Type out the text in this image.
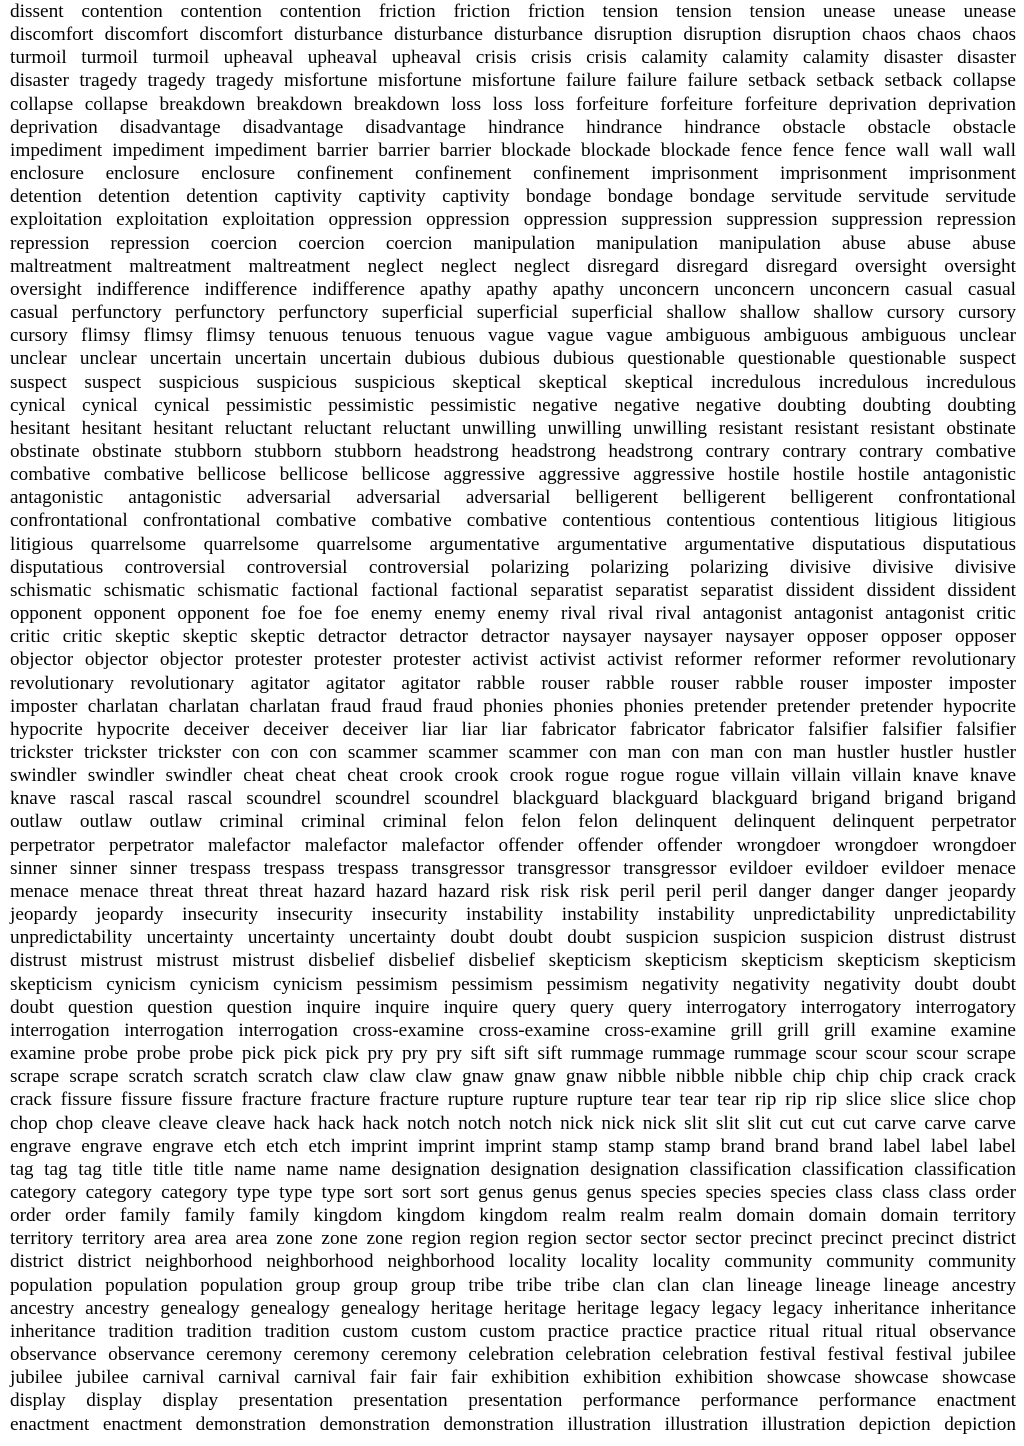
dissent contention contention contention friction friction friction tension tension tension unease unease unease
discomfort discomfort discomfort disturbance disturbance disturbance disruption disruption disruption chaos chaos chaos
turmoil turmoil turmoil upheaval upheaval upheaval crisis crisis crisis calamity calamity calamity disaster disaster
disaster tragedy tragedy tragedy misfortune misfortune misfortune failure failure failure setback setback setback collapse
collapse collapse breakdown breakdown breakdown loss loss loss forfeiture forfeiture forfeiture deprivation deprivation
deprivation disadvantage disadvantage disadvantage hindrance hindrance hindrance obstacle obstacle obstacle
impediment impediment impediment barrier barrier barrier blockade blockade blockade fence fence fence wall wall wall
enclosure enclosure enclosure confinement confinement confinement imprisonment imprisonment imprisonment
detention detention detention captivity captivity captivity bondage bondage bondage servitude servitude servitude
exploitation exploitation exploitation oppression oppression oppression suppression suppression suppression repression
repression repression coercion coercion coercion manipulation manipulation manipulation abuse abuse abuse
maltreatment maltreatment maltreatment neglect neglect neglect disregard disregard disregard oversight oversight
oversight indifference indifference indifference apathy apathy apathy unconcern unconcern unconcern casual casual
casual perfunctory perfunctory perfunctory superficial superficial superficial shallow shallow shallow cursory cursory
cursory flimsy flimsy flimsy tenuous tenuous tenuous vague vague vague ambiguous ambiguous ambiguous unclear
unclear unclear uncertain uncertain uncertain dubious dubious dubious questionable questionable questionable suspect
suspect suspect suspicious suspicious suspicious skeptical skeptical skeptical incredulous incredulous incredulous
cynical cynical cynical pessimistic pessimistic pessimistic negative negative negative doubting doubting doubting
hesitant hesitant hesitant reluctant reluctant reluctant unwilling unwilling unwilling resistant resistant resistant obstinate
obstinate obstinate stubborn stubborn stubborn headstrong headstrong headstrong contrary contrary contrary combative
combative combative bellicose bellicose bellicose aggressive aggressive aggressive hostile hostile hostile antagonistic
antagonistic antagonistic adversarial adversarial adversarial belligerent belligerent belligerent confrontational
confrontational confrontational combative combative combative contentious contentious contentious litigious litigious
litigious quarrelsome quarrelsome quarrelsome argumentative argumentative argumentative disputatious disputatious
disputatious controversial controversial controversial polarizing polarizing polarizing divisive divisive divisive
schismatic schismatic schismatic factional factional factional separatist separatist separatist dissident dissident dissident
opponent opponent opponent foe foe foe enemy enemy enemy rival rival rival antagonist antagonist antagonist critic
critic critic skeptic skeptic skeptic detractor detractor detractor naysayer naysayer naysayer opposer opposer opposer
objector objector objector protester protester protester activist activist activist reformer reformer reformer revolutionary
revolutionary revolutionary agitator agitator agitator rabble rouser rabble rouser rabble rouser imposter imposter
imposter charlatan charlatan charlatan fraud fraud fraud phonies phonies phonies pretender pretender pretender hypocrite
hypocrite hypocrite deceiver deceiver deceiver liar liar liar fabricator fabricator fabricator falsifier falsifier falsifier
trickster trickster trickster con con con scammer scammer scammer con man con man con man hustler hustler hustler
swindler swindler swindler cheat cheat cheat crook crook crook rogue rogue rogue villain villain villain knave knave
knave rascal rascal rascal scoundrel scoundrel scoundrel blackguard blackguard blackguard brigand brigand brigand
outlaw outlaw outlaw criminal criminal criminal felon felon felon delinquent delinquent delinquent perpetrator
perpetrator perpetrator malefactor malefactor malefactor offender offender offender wrongdoer wrongdoer wrongdoer
sinner sinner sinner trespass trespass trespass transgressor transgressor transgressor evildoer evildoer evildoer menace
menace menace threat threat threat hazard hazard hazard risk risk risk peril peril peril danger danger danger jeopardy
jeopardy jeopardy insecurity insecurity insecurity instability instability instability unpredictability unpredictability
unpredictability uncertainty uncertainty uncertainty doubt doubt doubt suspicion suspicion suspicion distrust distrust
distrust mistrust mistrust mistrust disbelief disbelief disbelief skepticism skepticism skepticism skepticism skepticism
skepticism cynicism cynicism cynicism pessimism pessimism pessimism negativity negativity negativity doubt doubt
doubt question question question inquire inquire inquire query query query interrogatory interrogatory interrogatory
interrogation interrogation interrogation cross-examine cross-examine cross-examine grill grill grill examine examine
examine probe probe probe pick pick pick pry pry pry sift sift sift rummage rummage rummage scour scour scour scrape
scrape scrape scratch scratch scratch claw claw claw gnaw gnaw gnaw nibble nibble nibble chip chip chip crack crack
crack fissure fissure fissure fracture fracture fracture rupture rupture rupture tear tear tear rip rip rip slice slice slice chop
chop chop cleave cleave cleave hack hack hack notch notch notch nick nick nick slit slit slit cut cut cut carve carve carve
engrave engrave engrave etch etch etch imprint imprint imprint stamp stamp stamp brand brand brand label label label
tag tag tag title title title name name name designation designation designation classification classification classification
category category category type type type sort sort sort genus genus genus species species species class class class order
order order family family family kingdom kingdom kingdom realm realm realm domain domain domain territory
territory territory area area area zone zone zone region region region sector sector sector precinct precinct precinct district
district district neighborhood neighborhood neighborhood locality locality locality community community community
population population population group group group tribe tribe tribe clan clan clan lineage lineage lineage ancestry
ancestry ancestry genealogy genealogy genealogy heritage heritage heritage legacy legacy legacy inheritance inheritance
inheritance tradition tradition tradition custom custom custom practice practice practice ritual ritual ritual observance
observance observance ceremony ceremony ceremony celebration celebration celebration festival festival festival jubilee
jubilee jubilee carnival carnival carnival fair fair fair exhibition exhibition exhibition showcase showcase showcase
display display display presentation presentation presentation performance performance performance enactment
enactment enactment demonstration demonstration demonstration illustration illustration illustration depiction depiction
